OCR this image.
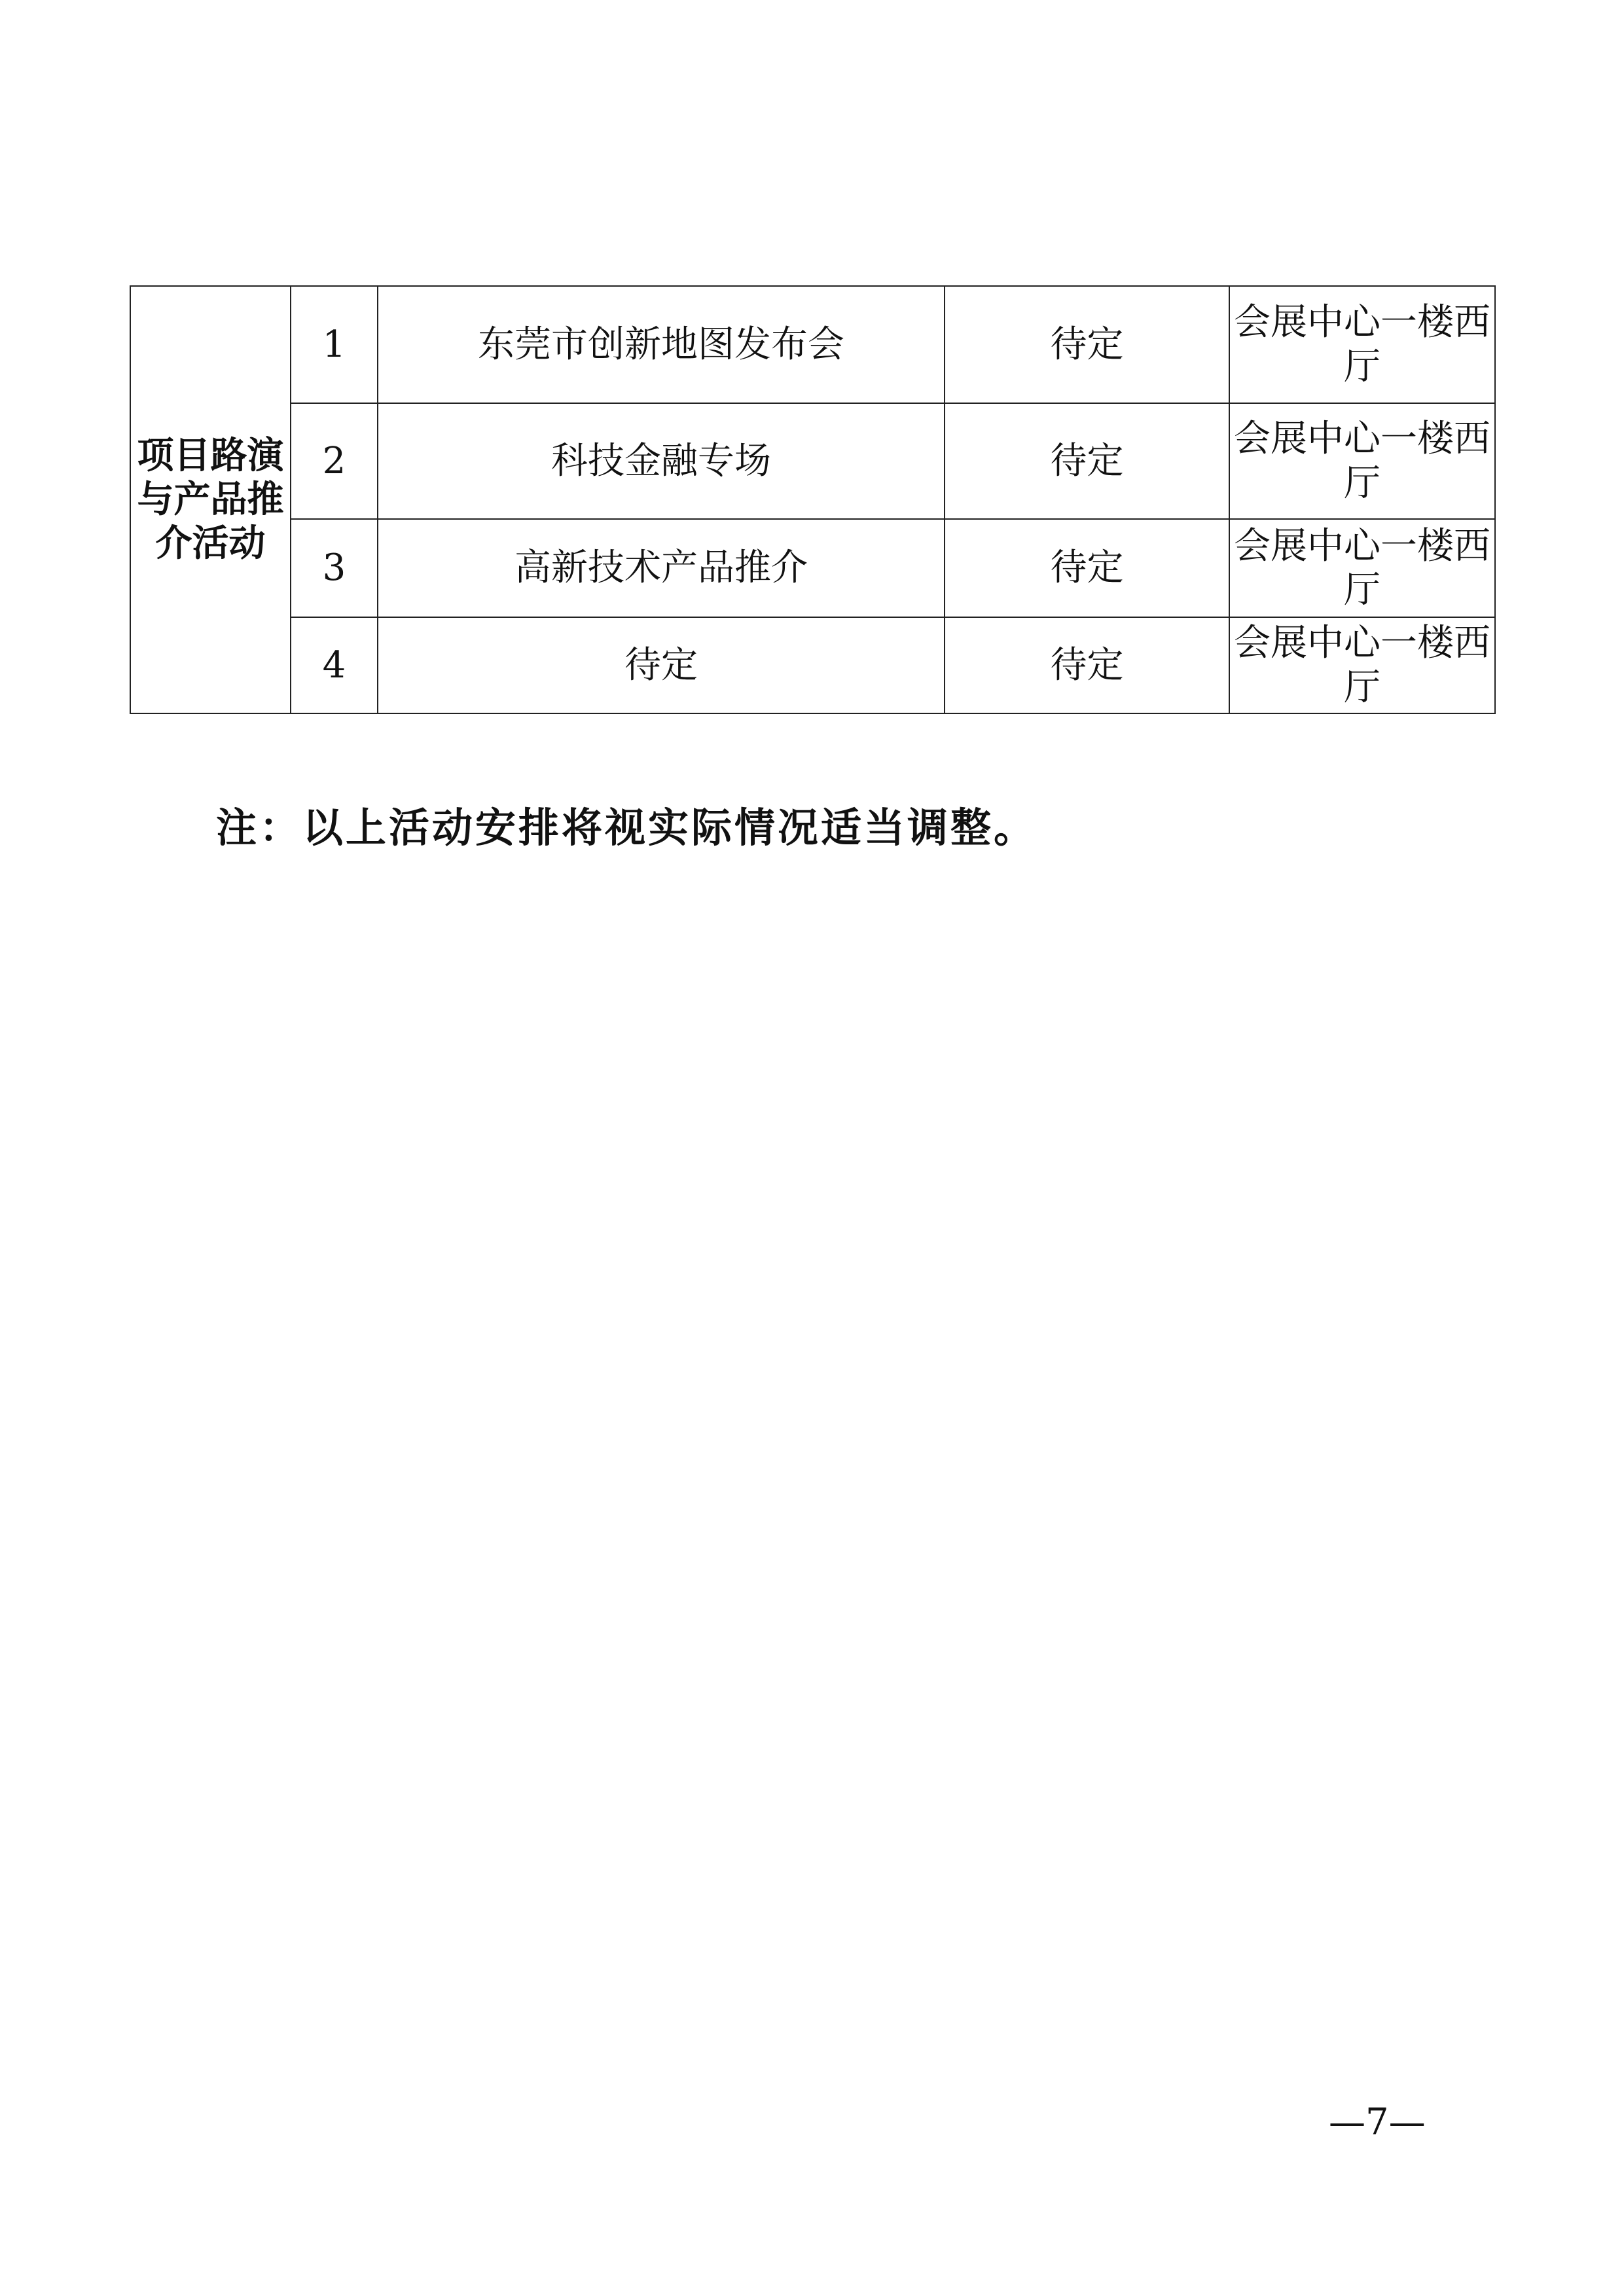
项目路演与产品推介活动	1	东莞市创新地图发布会	待定	会展中心一楼西厅
	2	科技金融专场	待定	会展中心一楼西厅
	3	高新技术产品推介	待定	会展中心一楼西厅
	4	待定	待定	会展中心一楼西厅
注：以上活动安排将视实际情况适当调整。
—7—
